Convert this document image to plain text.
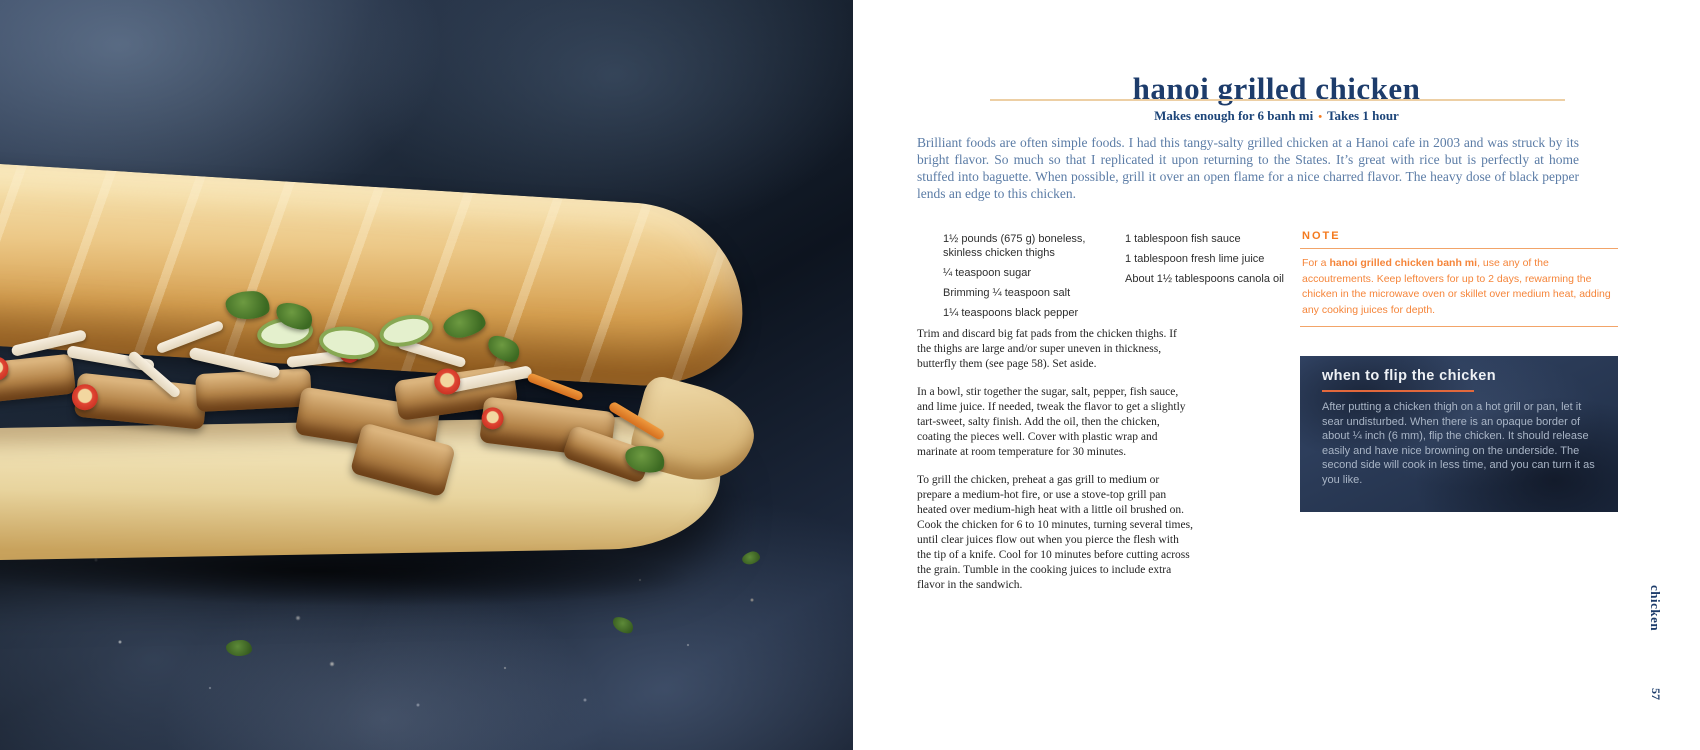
hanoi grilled chicken
Makes enough for 6 banh mi • Takes 1 hour
Brilliant foods are often simple foods. I had this tangy-salty grilled chicken at a Hanoi cafe in 2003 and was struck by its bright flavor. So much so that I replicated it upon returning to the States. It’s great with rice but is perfectly at home stuffed into baguette. When possible, grill it over an open flame for a nice charred flavor. The heavy dose of black pepper lends an edge to this chicken.

1½ pounds (675 g) boneless, skinless chicken thighs

¼ teaspoon sugar

Brimming ¼ teaspoon salt

1¼ teaspoons black pepper

1 tablespoon fish sauce

1 tablespoon fresh lime juice

About 1½ tablespoons canola oil

NOTE

For a hanoi grilled chicken banh mi, use any of the accoutrements. Keep leftovers for up to 2 days, rewarming the chicken in the microwave oven or skillet over medium heat, adding any cooking juices for depth.

Trim and discard big fat pads from the chicken thighs. If the thighs are large and/or super uneven in thickness, butterfly them (see page 58). Set aside.

In a bowl, stir together the sugar, salt, pepper, fish sauce, and lime juice. If needed, tweak the flavor to get a slightly tart-sweet, salty finish. Add the oil, then the chicken, coating the pieces well. Cover with plastic wrap and marinate at room temperature for 30 minutes.

To grill the chicken, preheat a gas grill to medium or prepare a medium-hot fire, or use a stove-top grill pan heated over medium-high heat with a little oil brushed on. Cook the chicken for 6 to 10 minutes, turning several times, until clear juices flow out when you pierce the flesh with the tip of a knife. Cool for 10 minutes before cutting across the grain. Tumble in the cooking juices to include extra flavor in the sandwich.

when to flip the chicken

After putting a chicken thigh on a hot grill or pan, let it sear undisturbed. When there is an opaque border of about ¼ inch (6 mm), flip the chicken. It should release easily and have nice browning on the underside. The second side will cook in less time, and you can turn it as you like.

chicken
57
